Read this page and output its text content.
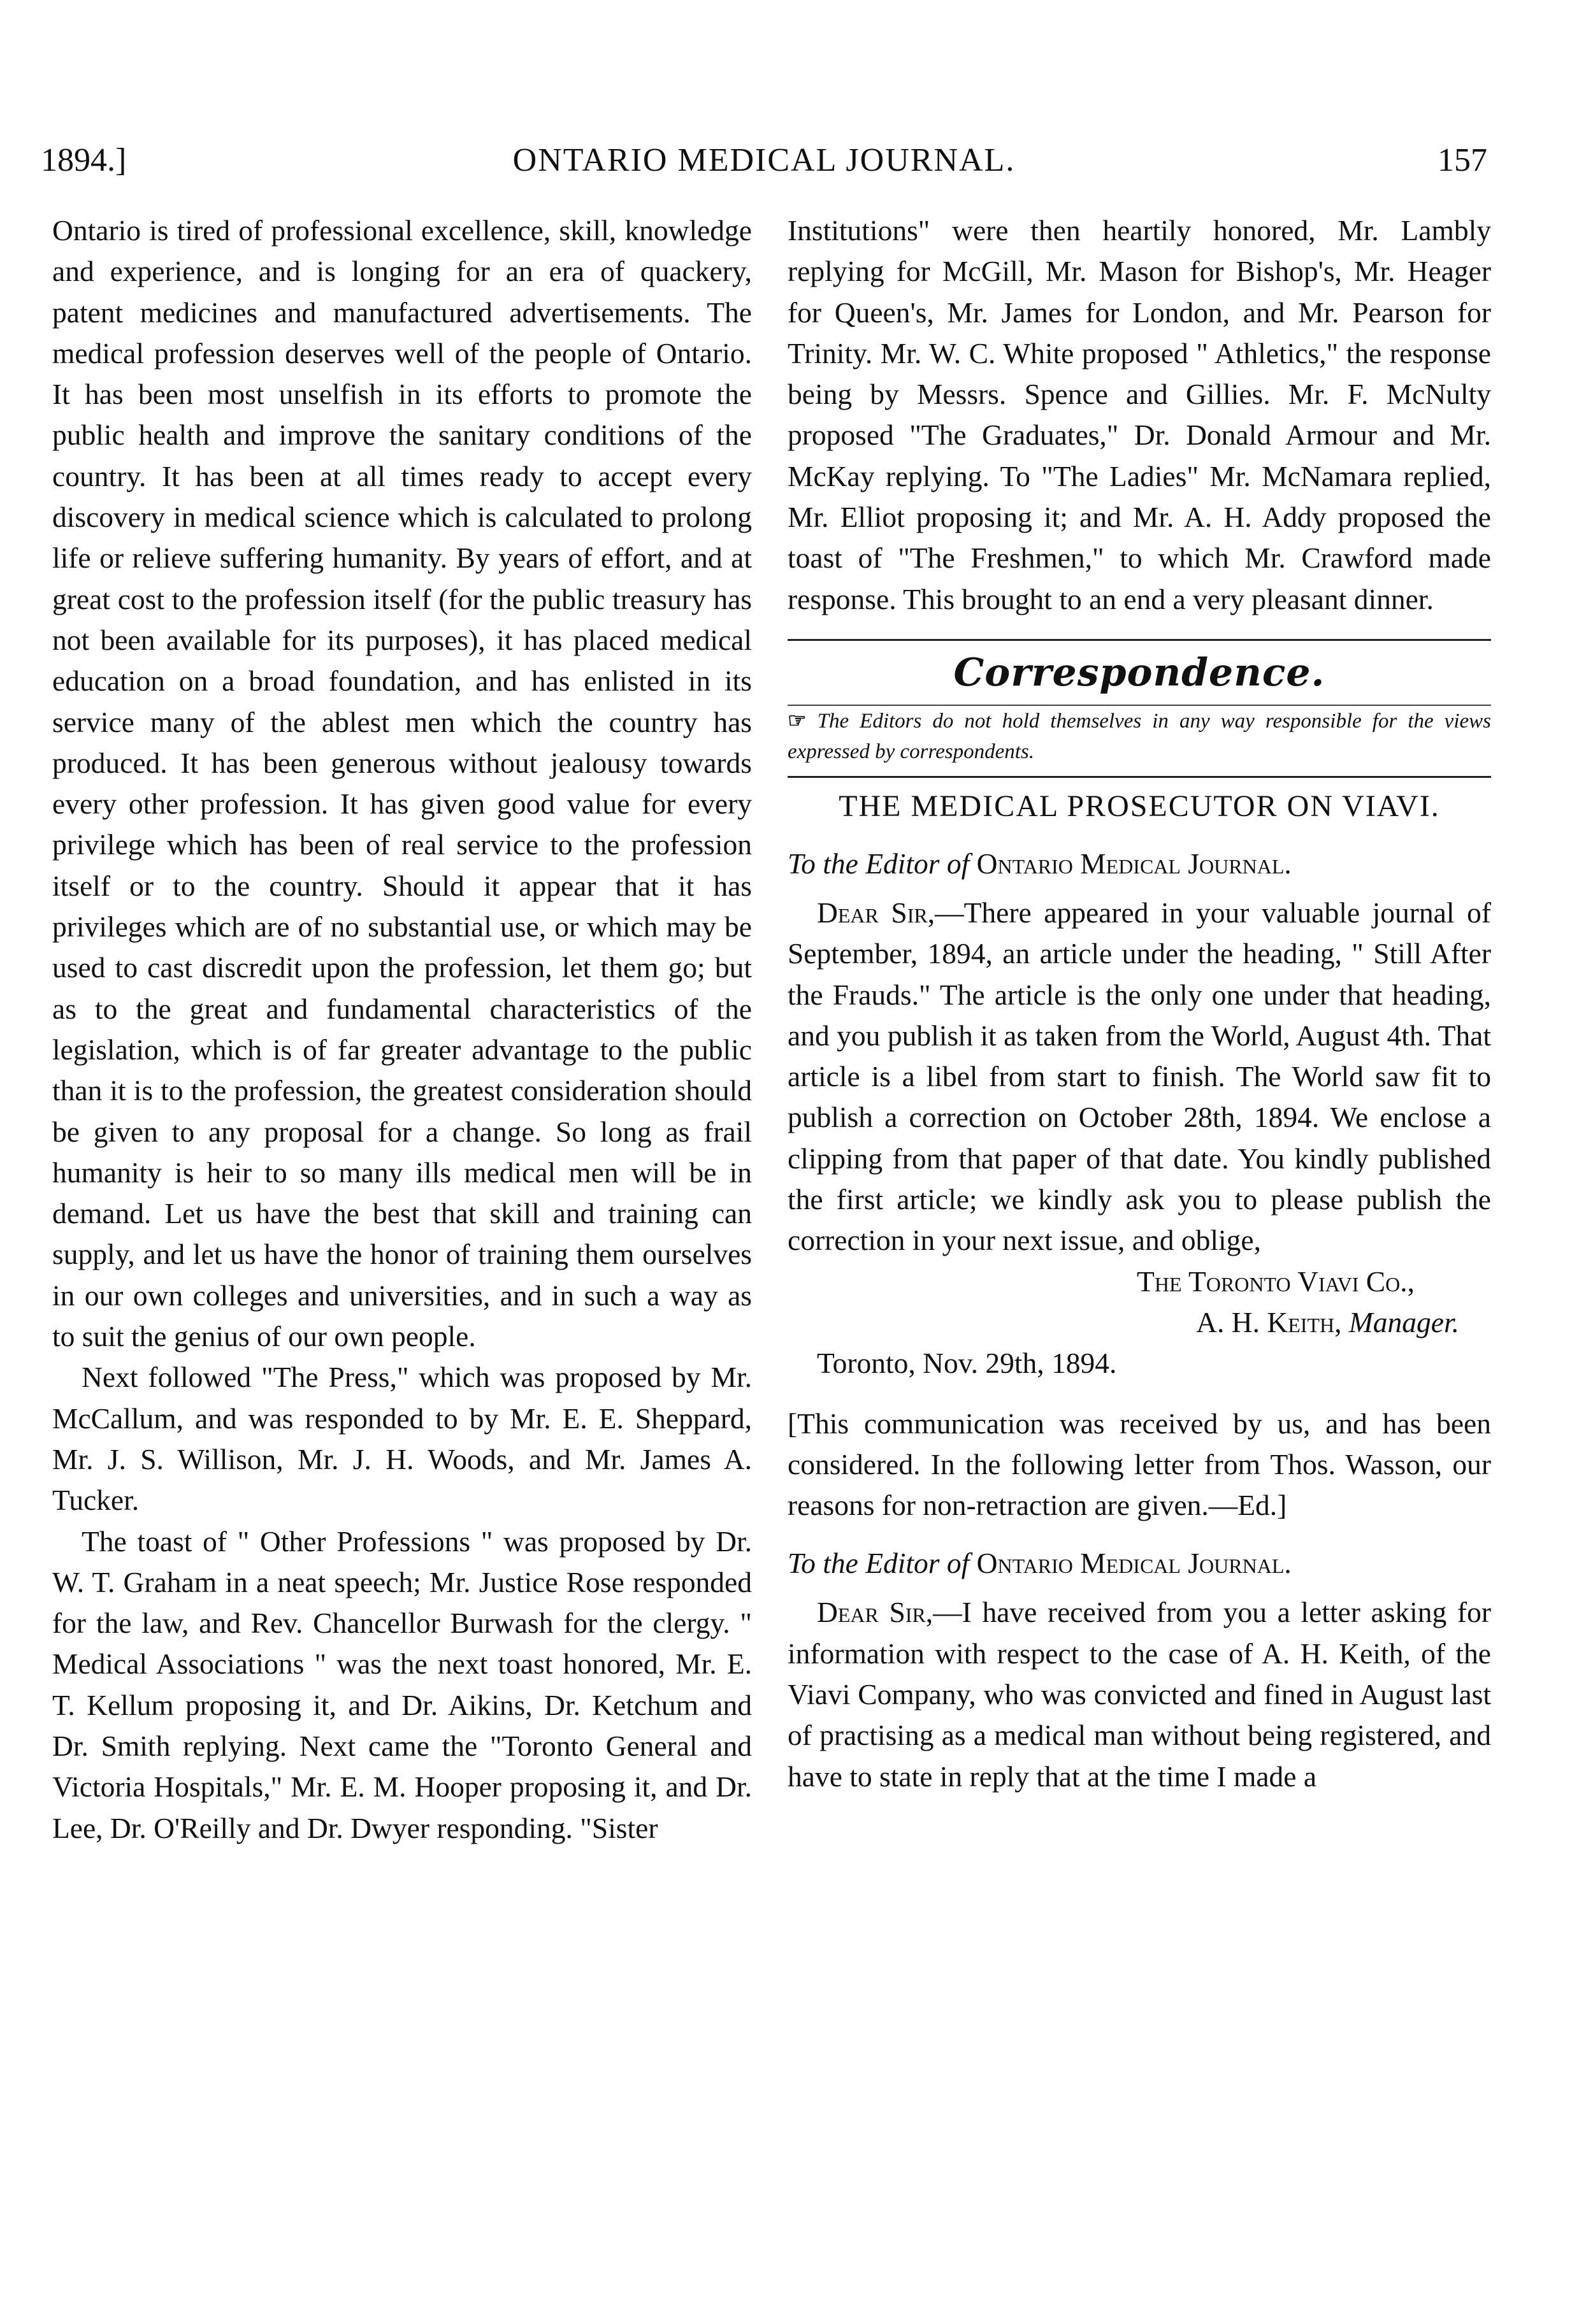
1894.]	ONTARIO MEDICAL JOURNAL.	157

Ontario is tired of professional excellence, skill, knowledge and experience, and is longing for an era of quackery, patent medicines and manufactured advertisements. The medical profession deserves well of the people of Ontario. It has been most unselfish in its efforts to promote the public health and improve the sanitary conditions of the country. It has been at all times ready to accept every discovery in medical science which is calculated to prolong life or relieve suffering humanity. By years of effort, and at great cost to the profession itself (for the public treasury has not been available for its purposes), it has placed medical education on a broad foundation, and has enlisted in its service many of the ablest men which the country has produced. It has been generous without jealousy towards every other profession. It has given good value for every privilege which has been of real service to the profession itself or to the country. Should it appear that it has privileges which are of no substantial use, or which may be used to cast discredit upon the profession, let them go; but as to the great and fundamental characteristics of the legislation, which is of far greater advantage to the public than it is to the profession, the greatest consideration should be given to any proposal for a change. So long as frail humanity is heir to so many ills medical men will be in demand. Let us have the best that skill and training can supply, and let us have the honor of training them ourselves in our own colleges and universities, and in such a way as to suit the genius of our own people.

Next followed "The Press," which was proposed by Mr. McCallum, and was responded to by Mr. E. E. Sheppard, Mr. J. S. Willison, Mr. J. H. Woods, and Mr. James A. Tucker.

The toast of " Other Professions " was proposed by Dr. W. T. Graham in a neat speech; Mr. Justice Rose responded for the law, and Rev. Chancellor Burwash for the clergy. " Medical Associations " was the next toast honored, Mr. E. T. Kellum proposing it, and Dr. Aikins, Dr. Ketchum and Dr. Smith replying. Next came the "Toronto General and Victoria Hospitals," Mr. E. M. Hooper proposing it, and Dr. Lee, Dr. O'Reilly and Dr. Dwyer responding. "Sister

Institutions" were then heartily honored, Mr. Lambly replying for McGill, Mr. Mason for Bishop's, Mr. Heager for Queen's, Mr. James for London, and Mr. Pearson for Trinity. Mr. W. C. White proposed " Athletics," the response being by Messrs. Spence and Gillies. Mr. F. McNulty proposed "The Graduates," Dr. Donald Armour and Mr. McKay replying. To "The Ladies" Mr. McNamara replied, Mr. Elliot proposing it; and Mr. A. H. Addy proposed the toast of "The Freshmen," to which Mr. Crawford made response. This brought to an end a very pleasant dinner.

Correspondence.

☞ The Editors do not hold themselves in any way responsible for the views expressed by correspondents.

THE MEDICAL PROSECUTOR ON VIAVI.
To the Editor of Ontario Medical Journal.

Dear Sir,—There appeared in your valuable journal of September, 1894, an article under the heading, " Still After the Frauds." The article is the only one under that heading, and you publish it as taken from the World, August 4th. That article is a libel from start to finish. The World saw fit to publish a correction on October 28th, 1894. We enclose a clipping from that paper of that date. You kindly published the first article; we kindly ask you to please publish the correction in your next issue, and oblige,

The Toronto Viavi Co.,

A. H. Keith, Manager.

Toronto, Nov. 29th, 1894.

[This communication was received by us, and has been considered. In the following letter from Thos. Wasson, our reasons for non-retraction are given.—Ed.]

To the Editor of Ontario Medical Journal.

Dear Sir,—I have received from you a letter asking for information with respect to the case of A. H. Keith, of the Viavi Company, who was convicted and fined in August last of practising as a medical man without being registered, and have to state in reply that at the time I made a
